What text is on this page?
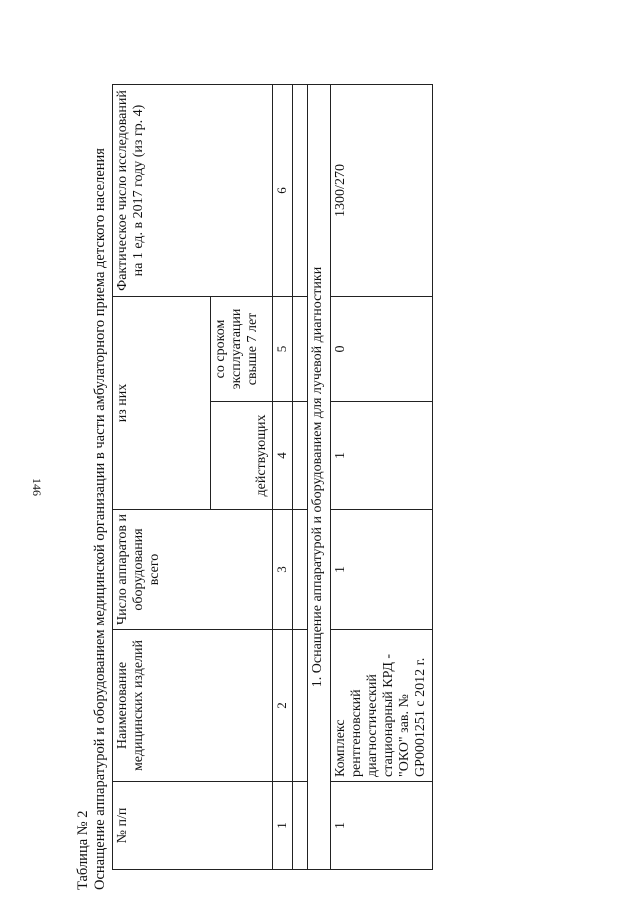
146
Таблица № 2 Оснащение аппаратурой и оборудованием медицинской организации в части амбулаторного приема детского населения № п/п	Наименование медицинских изделий	Число аппаратов и оборудования всего	из них		Фактическое число исследований на 1 ед. в 2017 году (из гр. 4)
			действующих	со сроком эксплуатации свыше 7 лет	
1	2	3	4	5	6

1. Оснащение аппаратурой и оборудованием для лучевой диагностики					
1	Комплекс рентгеновский диагностический стационарный КРД - "ОКО" зав. № GP0001251 с 2012 г.	1	1	0	1300/270
